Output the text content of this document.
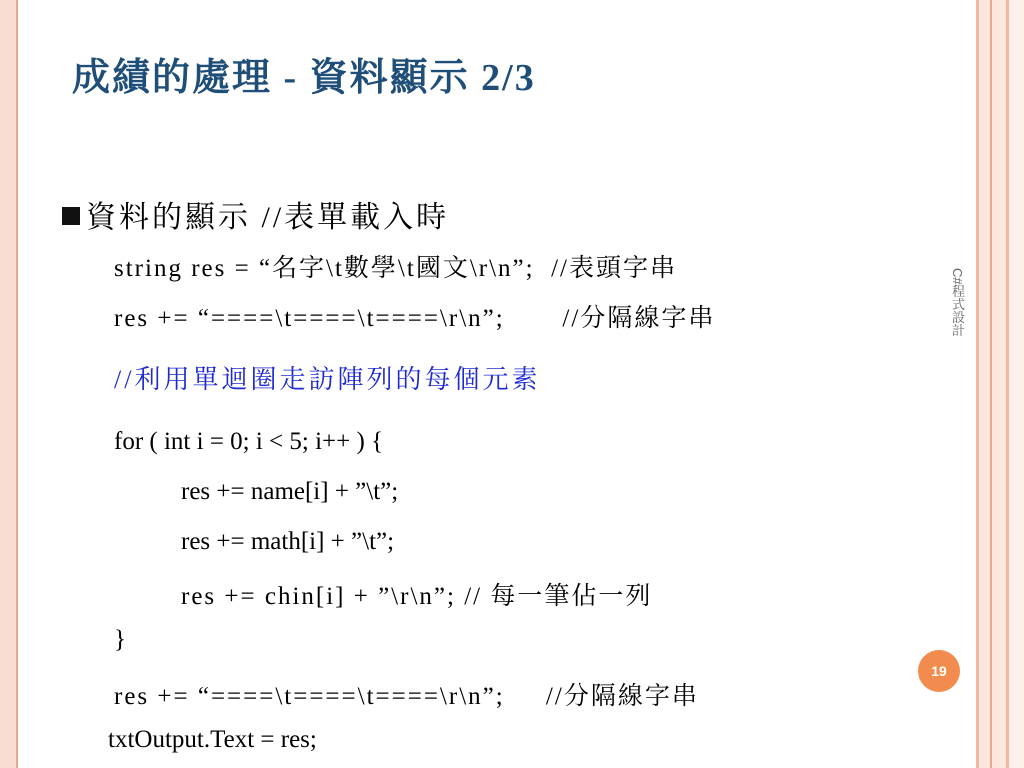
成績的處理 - 資料顯示 2/3
資料的顯示 //表單載入時
string res = “名字\t數學\t國文\r\n”;  //表頭字串
res += “====\t====\t====\r\n”;       //分隔線字串
//利用單迴圈走訪陣列的每個元素
for ( int i = 0; i < 5; i++ ) {
res += name[i] + ”\t”;
res += math[i] + ”\t”;
res += chin[i] + ”\r\n”; // 每一筆佔一列
}
res += “====\t====\t====\r\n”;     //分隔線字串
txtOutput.Text = res;
C#程式設計
19
